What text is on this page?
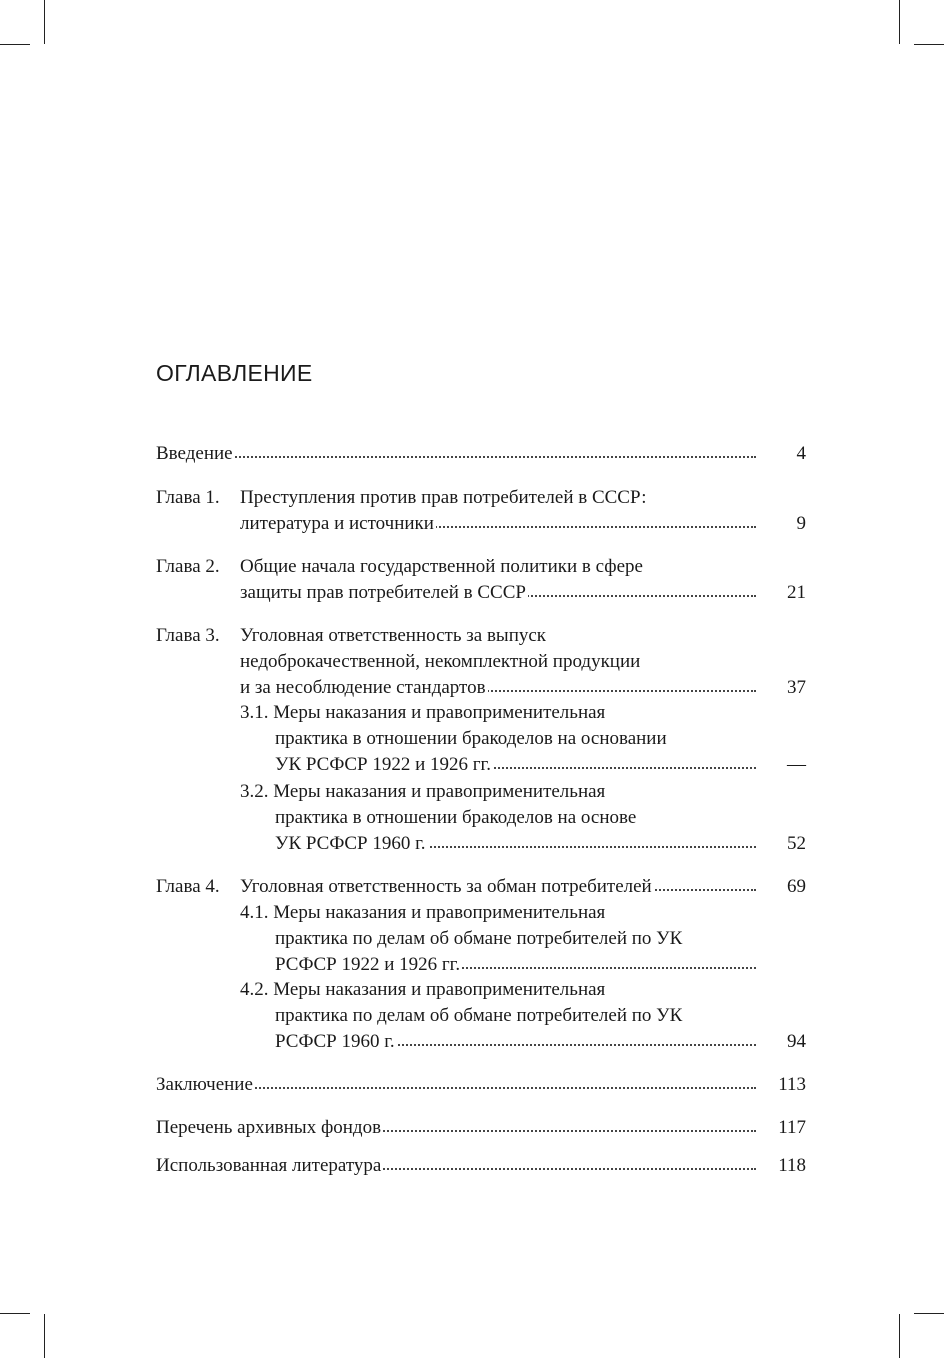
ОГЛАВЛЕНИЕ
Введение	4
Глава 1. Преступления против прав потребителей в СССР:
литература и источники	9
Глава 2. Общие начала государственной политики в сфере
защиты прав потребителей в СССР	21
Глава 3. Уголовная ответственность за выпуск
недоброкачественной, некомплектной продукции
и за несоблюдение стандартов	37
3.1. Меры наказания и правоприменительная
практика в отношении бракоделов на основании
УК РСФСР 1922 и 1926 гг.	—
3.2. Меры наказания и правоприменительная
практика в отношении бракоделов на основе
УК РСФСР 1960 г.	52
Глава 4. Уголовная ответственность за обман потребителей	69
4.1. Меры наказания и правоприменительная
практика по делам об обмане потребителей по УК
РСФСР 1922 и 1926 гг.
4.2. Меры наказания и правоприменительная
практика по делам об обмане потребителей по УК
РСФСР 1960 г.	94
Заключение	113
Перечень архивных фондов	117
Использованная литература	118
